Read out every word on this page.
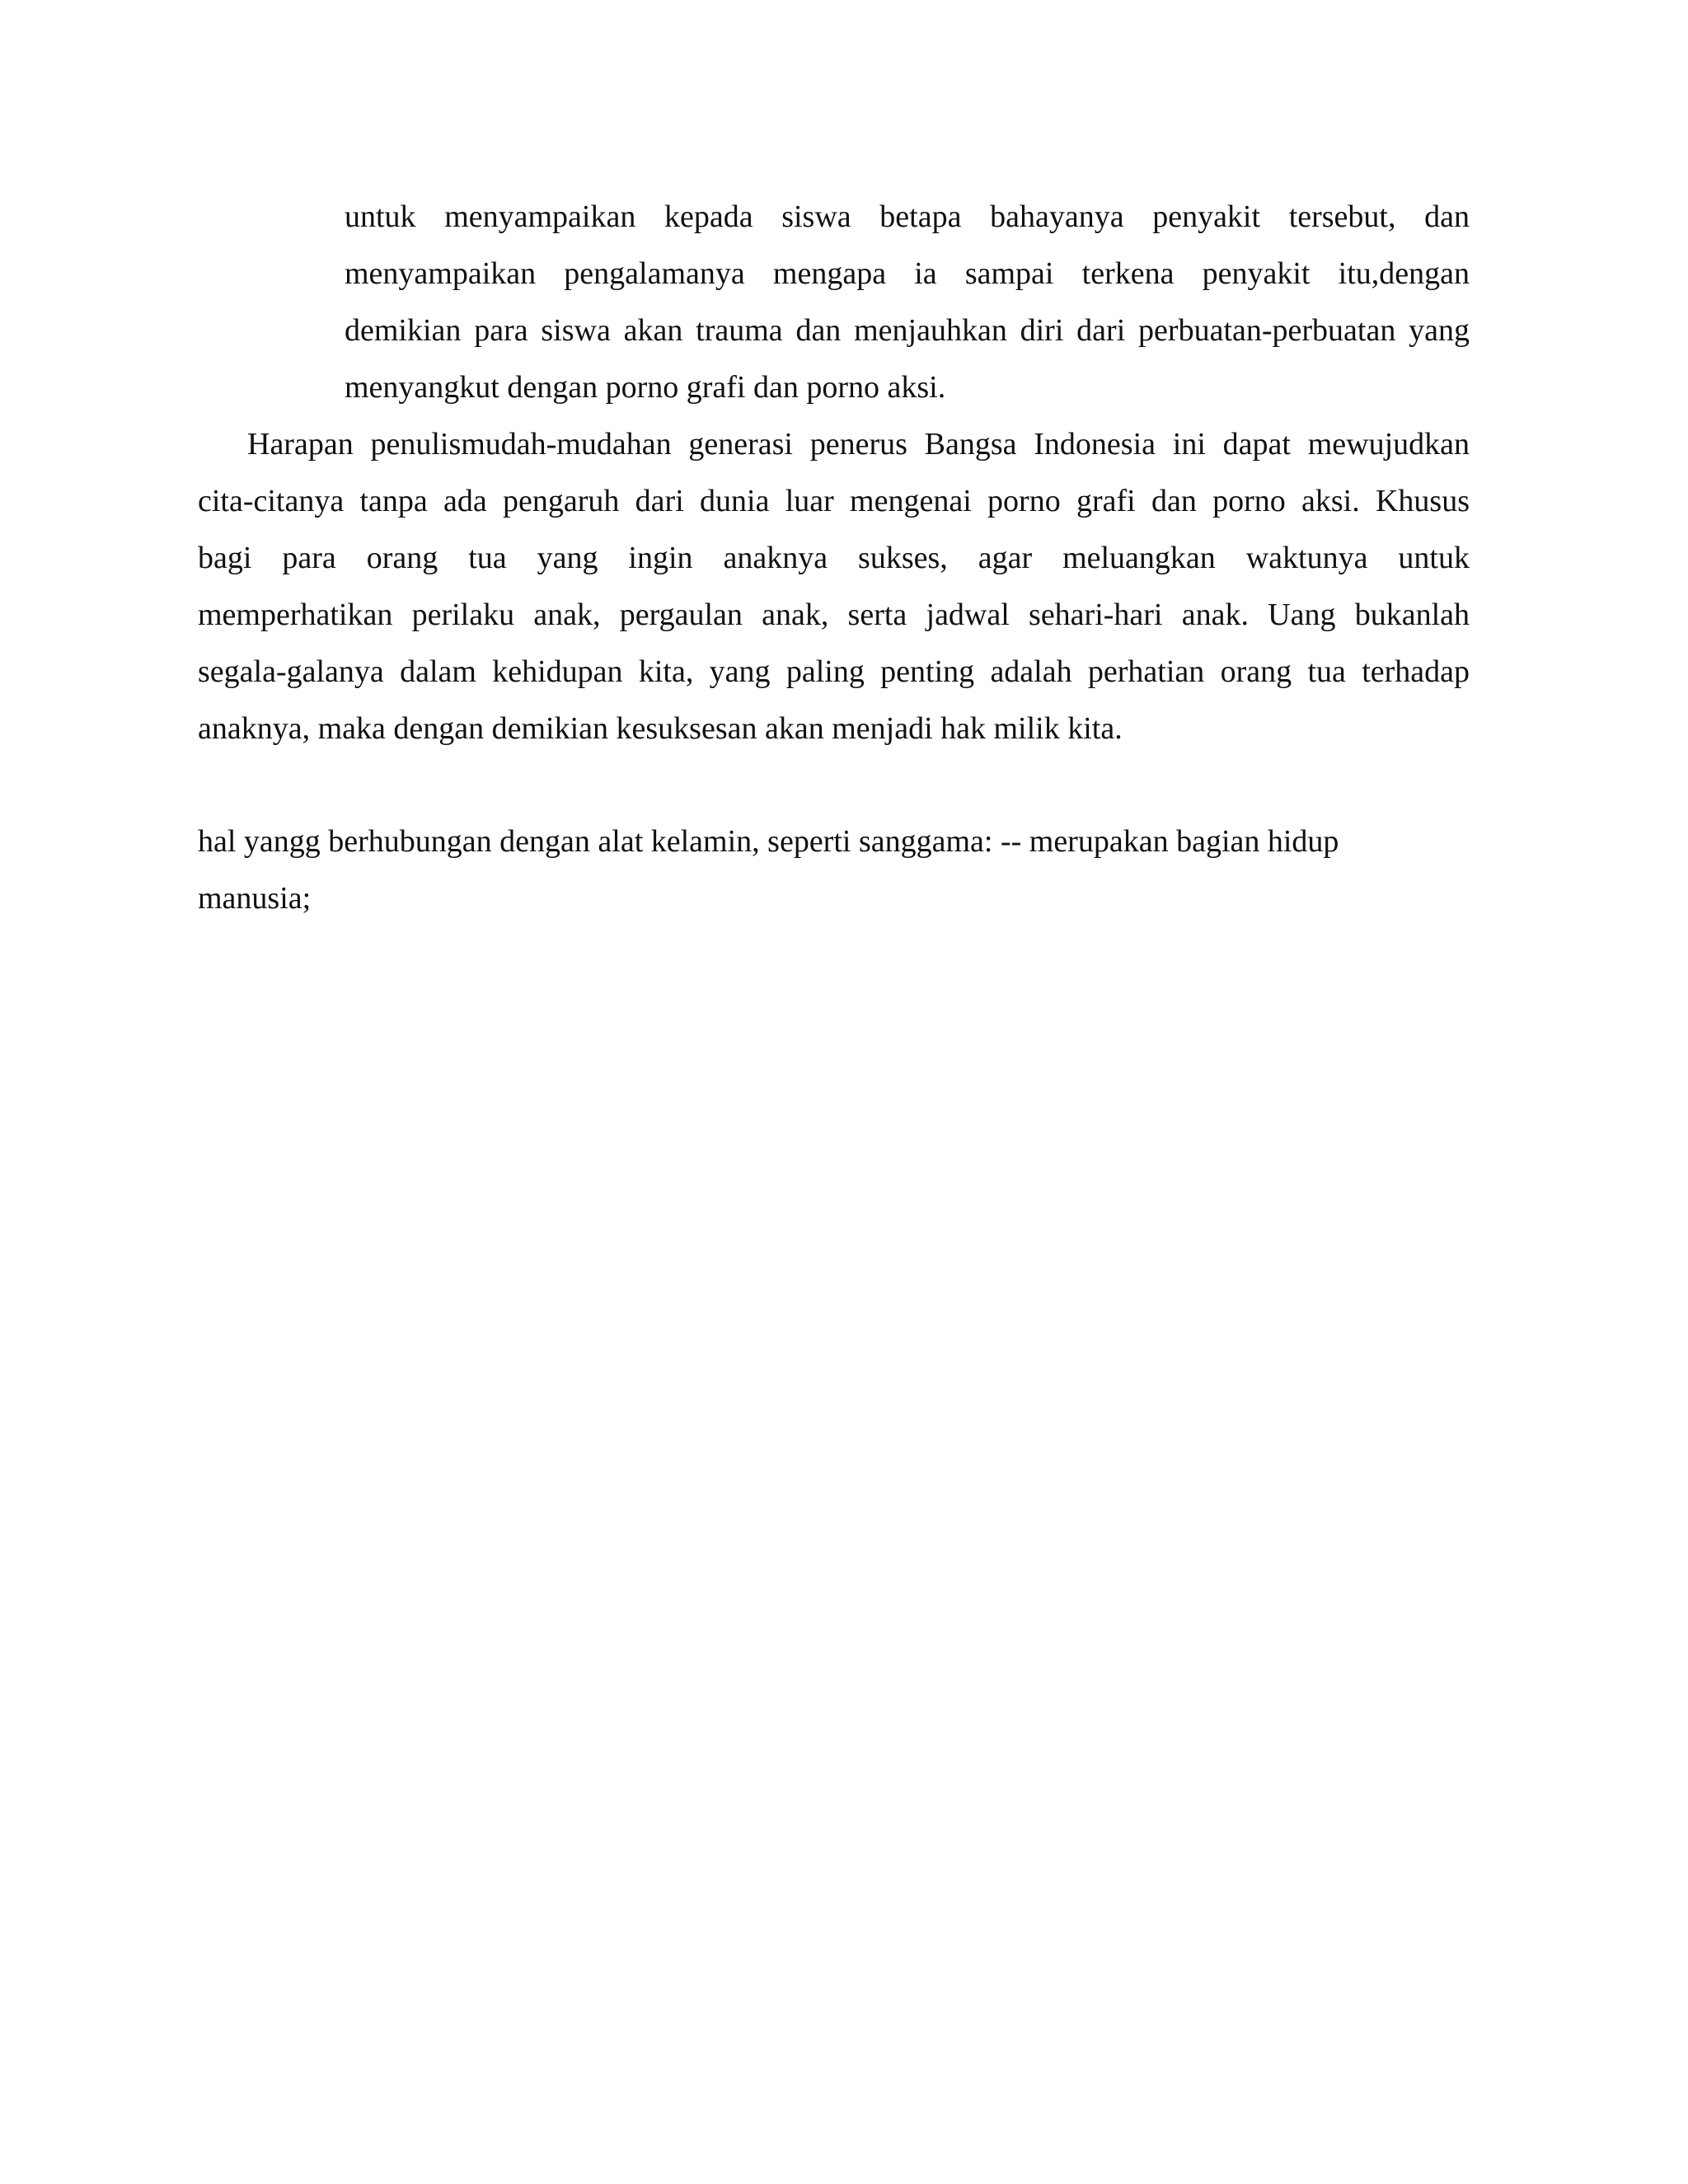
untuk menyampaikan kepada siswa betapa bahayanya penyakit tersebut, dan
menyampaikan pengalamanya mengapa ia sampai terkena penyakit itu,dengan
demikian para siswa akan trauma dan menjauhkan diri dari perbuatan-perbuatan yang
menyangkut dengan porno grafi dan porno aksi.
Harapan penulismudah-mudahan generasi penerus Bangsa Indonesia ini dapat mewujudkan
cita-citanya tanpa ada pengaruh dari dunia luar mengenai porno grafi dan porno aksi. Khusus
bagi para orang tua yang ingin anaknya sukses, agar meluangkan waktunya untuk
memperhatikan perilaku anak, pergaulan anak, serta jadwal sehari-hari anak. Uang bukanlah
segala-galanya dalam kehidupan kita, yang paling penting adalah perhatian orang tua terhadap
anaknya, maka dengan demikian kesuksesan akan menjadi hak milik kita.
hal yangg berhubungan dengan alat kelamin, seperti sanggama: -- merupakan bagian hidup
manusia;
